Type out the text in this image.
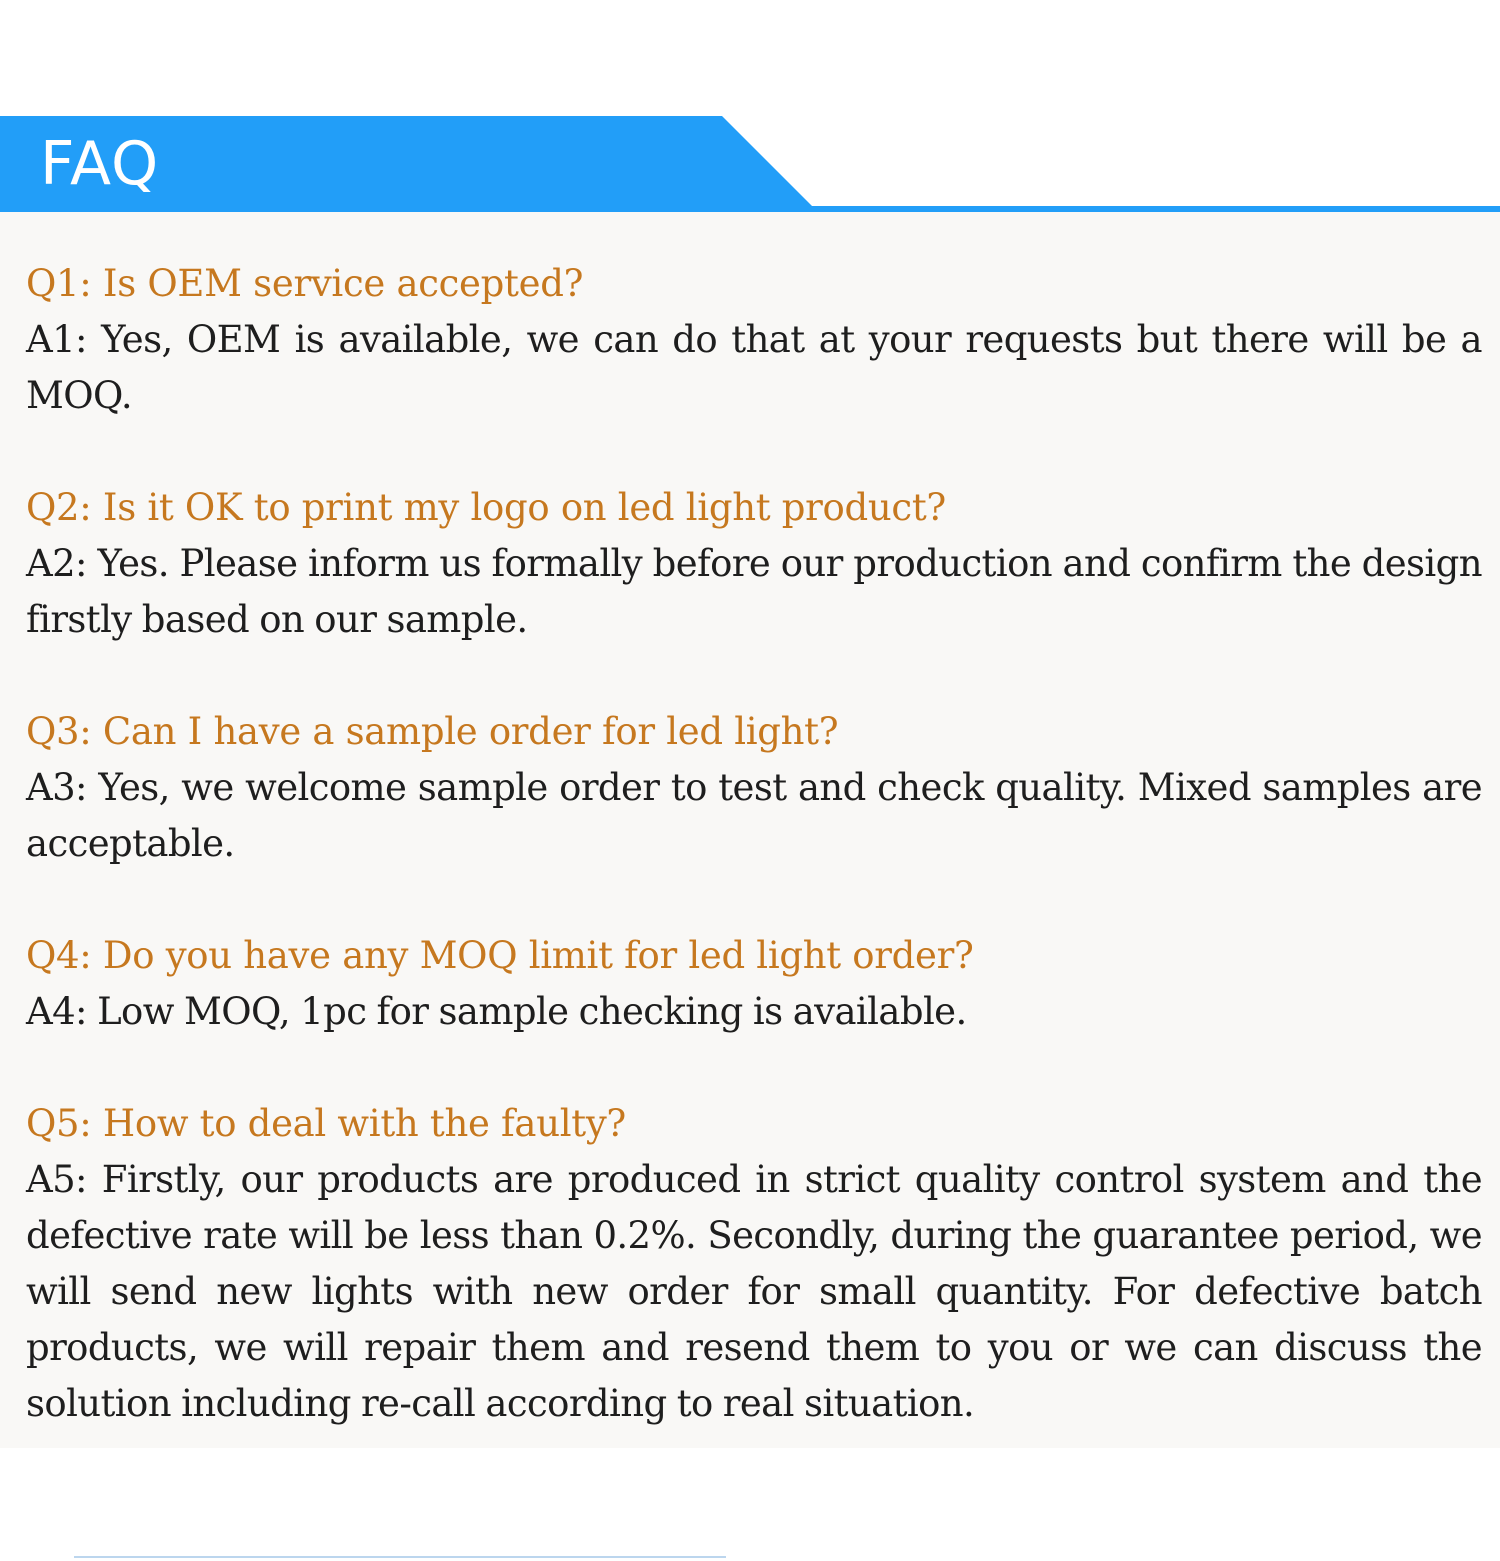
FAQ
Q1: Is OEM service accepted?
A1: Yes, OEM is available, we can do that at your requests but there will be a MOQ.
Q2: Is it OK to print my logo on led light product?
A2: Yes. Please inform us formally before our production and confirm the design firstly based on our sample.
Q3: Can I have a sample order for led light?
A3: Yes, we welcome sample order to test and check quality. Mixed samples are acceptable.
Q4: Do you have any MOQ limit for led light order?
A4: Low MOQ, 1pc for sample checking is available.
Q5: How to deal with the faulty?
A5: Firstly, our products are produced in strict quality control system and the defective rate will be less than 0.2%. Secondly, during the guarantee period, we will send new lights with new order for small quantity. For defective batch products, we will repair them and resend them to you or we can discuss the solution including re-call according to real situation.
